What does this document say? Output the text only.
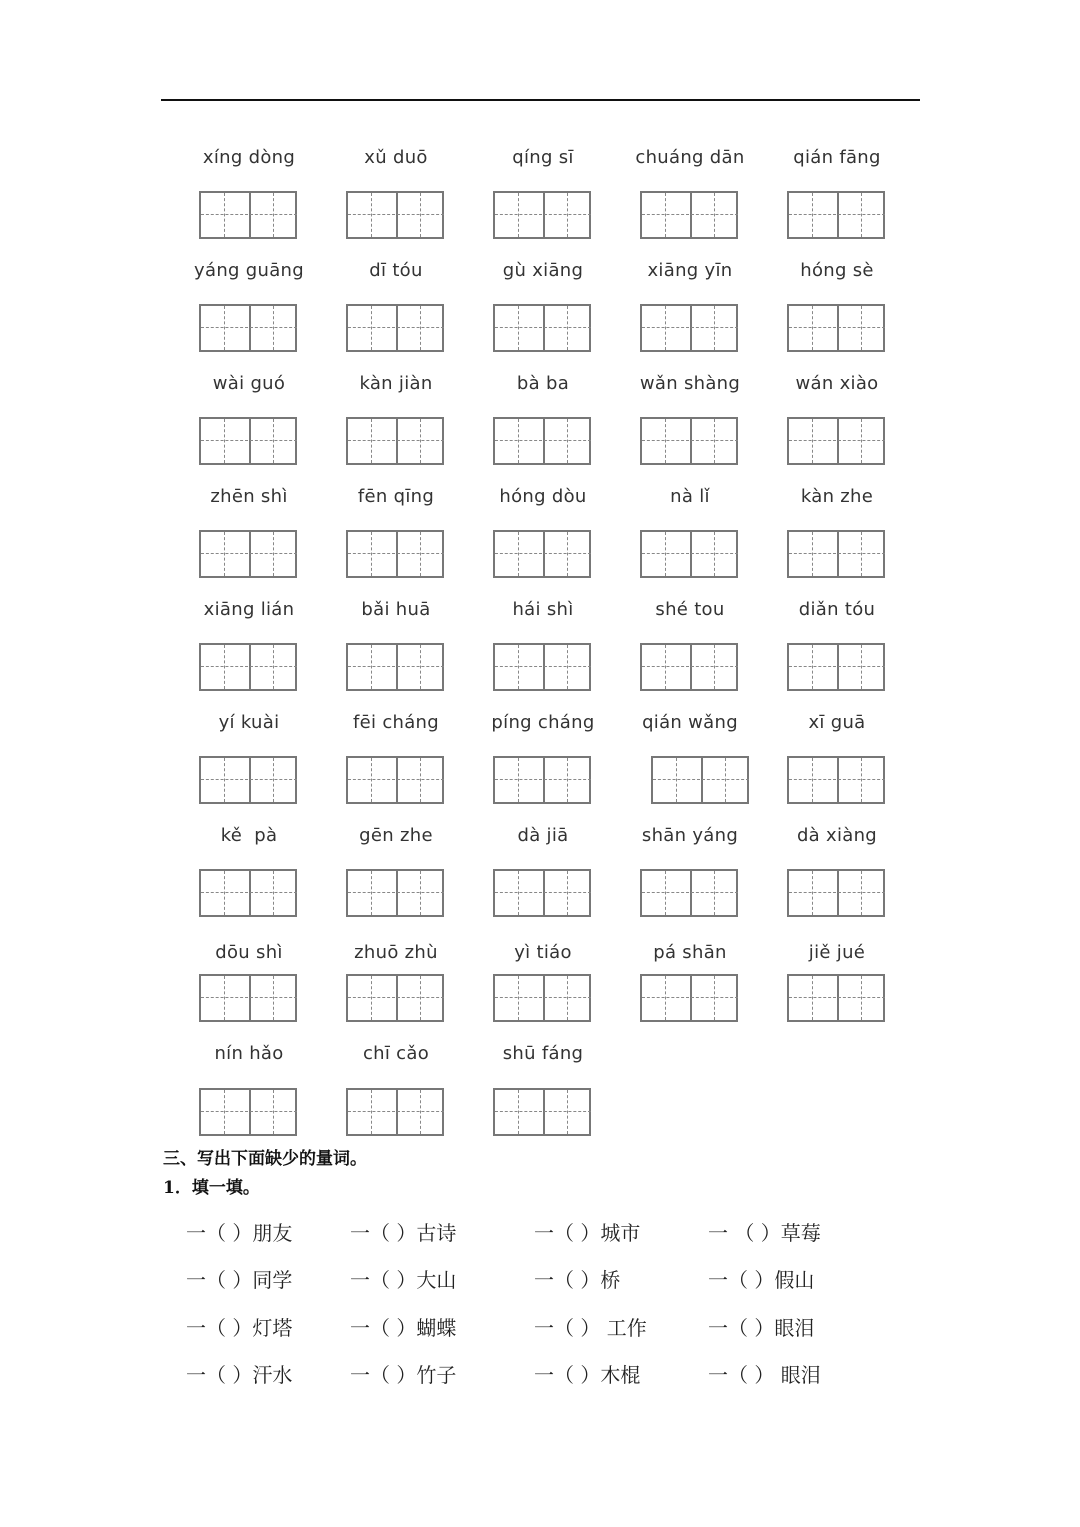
xíng dòng	xǔ duō	qíng sī	chuáng dān	qián fāng
yáng guāng	dī tóu	gù xiāng	xiāng yīn	hóng sè
wài guó	kàn jiàn	bà ba	wǎn shàng	wán xiào
zhēn shì	fēn qīng	hóng dòu	nà lǐ	kàn zhe
xiāng lián	bǎi huā	hái shì	shé tou	diǎn tóu
yí kuài	fēi cháng	píng cháng	qián wǎng	xī guā
kě  pà	gēn zhe	dà jiā	shān yáng	dà xiàng
dōu shì	zhuō zhù	yì tiáo	pá shān	jiě jué
nín hǎo	chī cǎo	shū fáng
三、写出下面缺少的量词。
1．填一填。
一（ ）朋友	一（ ）古诗	一（ ）城市	一 （ ）草莓
一（ ）同学	一（ ）大山	一（ ）桥	一（ ）假山
一（ ）灯塔	一（ ）蝴蝶	一（ ） 工作	一（ ）眼泪
一（ ）汗水	一（ ）竹子	一（ ）木棍	一（ ） 眼泪
